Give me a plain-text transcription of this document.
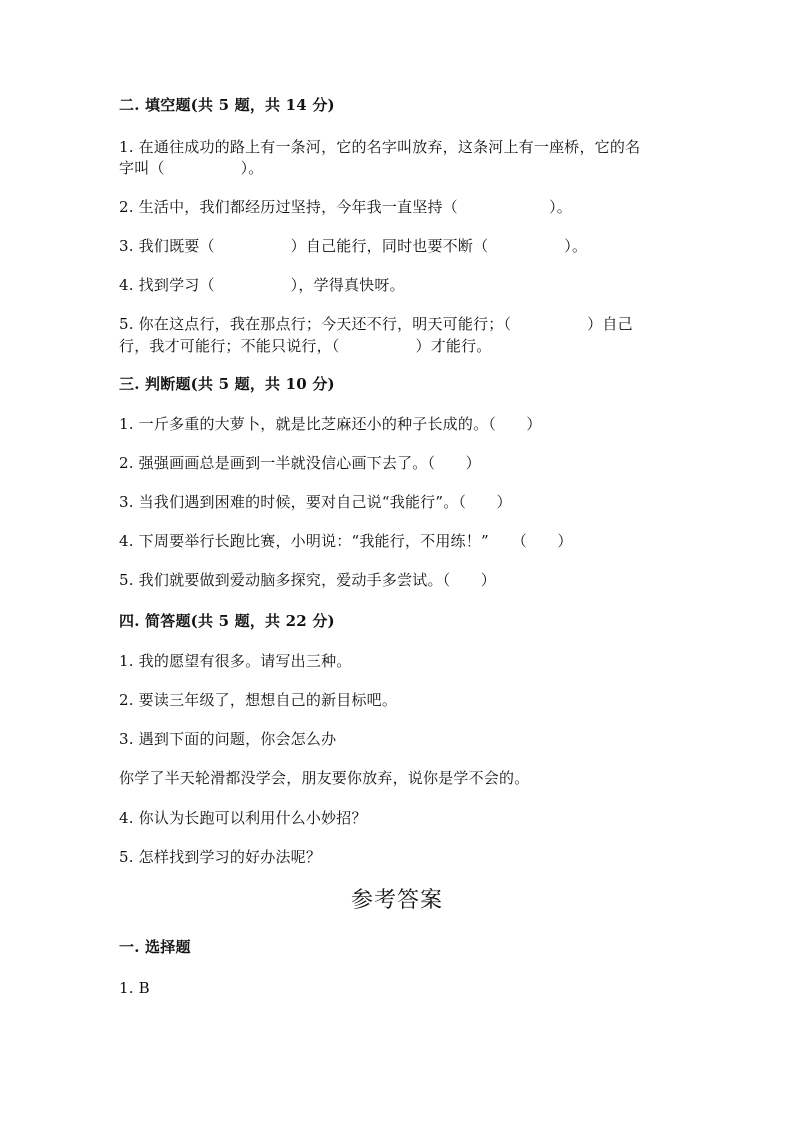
二. 填空题(共 5 题，共 14 分)
1. 在通往成功的路上有一条河，它的名字叫放弃，这条河上有一座桥，它的名
字叫（　　　　　）。
2. 生活中，我们都经历过坚持，今年我一直坚持（　　　　　　）。
3. 我们既要（　　　　　）自己能行，同时也要不断（　　　　　）。
4. 找到学习（　　　　　），学得真快呀。
5. 你在这点行，我在那点行；今天还不行，明天可能行；（　　　　　）自己
行，我才可能行；不能只说行，（　　　　　）才能行。
三. 判断题(共 5 题，共 10 分)
1. 一斤多重的大萝卜，就是比芝麻还小的种子长成的。（　　）
2. 强强画画总是画到一半就没信心画下去了。（　　）
3. 当我们遇到困难的时候，要对自己说“我能行”。（　　）
4. 下周要举行长跑比赛，小明说：“我能行，不用练！”　　（　　）
5. 我们就要做到爱动脑多探究，爱动手多尝试。（　　）
四. 简答题(共 5 题，共 22 分)
1. 我的愿望有很多。请写出三种。
2. 要读三年级了，想想自己的新目标吧。
3. 遇到下面的问题，你会怎么办
你学了半天轮滑都没学会，朋友要你放弃，说你是学不会的。
4. 你认为长跑可以利用什么小妙招？
5. 怎样找到学习的好办法呢？
参考答案
一. 选择题
1. B
